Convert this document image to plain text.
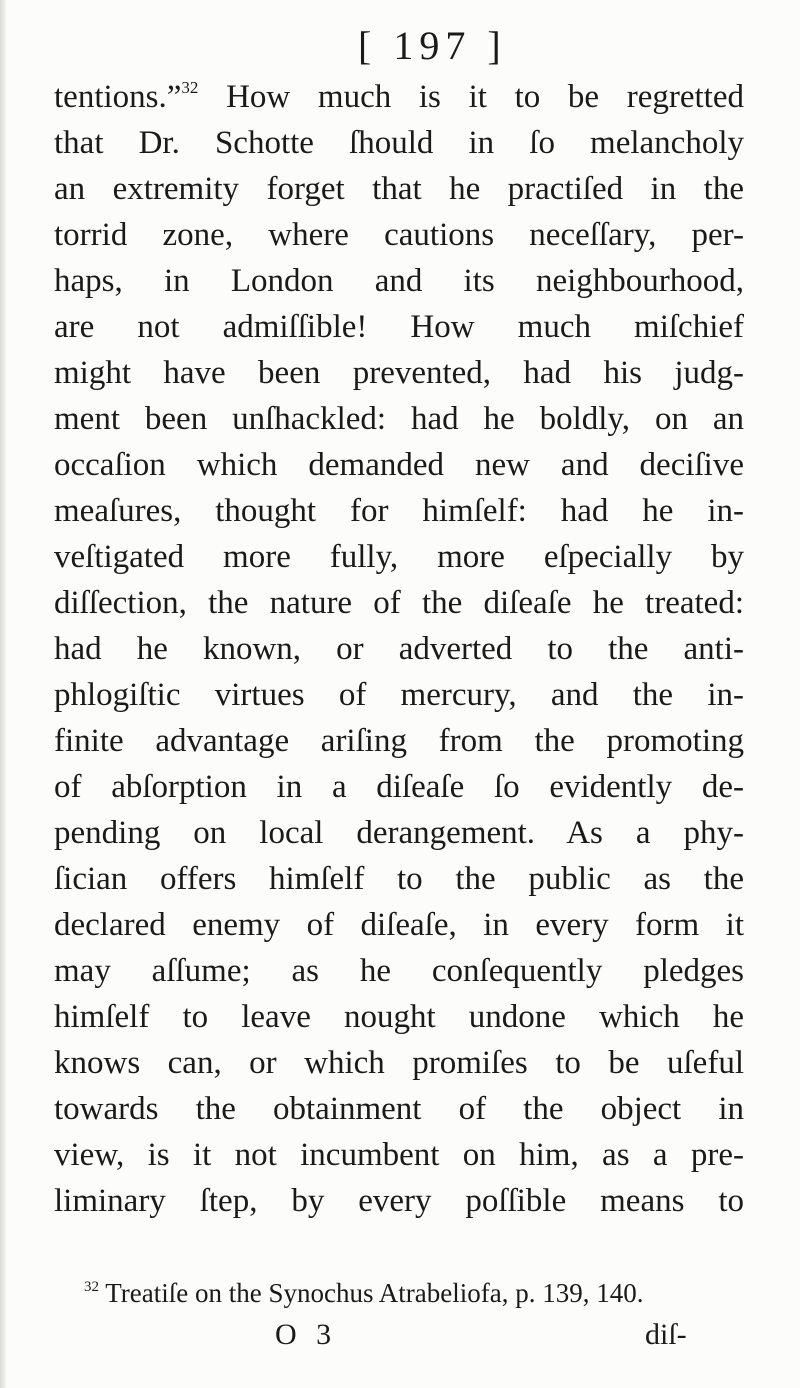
[ 197 ]
tentions.”$^{32}$ How much is it to be regretted
that Dr. Schotte ſhould in ſo melancholy
an extremity forget that he practiſed in the
torrid zone, where cautions neceſſary, per-
haps, in London and its neighbourhood,
are not admiſſible! How much miſchief
might have been prevented, had his judg-
ment been unſhackled: had he boldly, on an
occaſion which demanded new and deciſive
meaſures, thought for himſelf: had he in-
veſtigated more fully, more eſpecially by
diſſection, the nature of the diſeaſe he treated:
had he known, or adverted to the anti-
phlogiſtic virtues of mercury, and the in-
finite advantage ariſing from the promoting
of abſorption in a diſeaſe ſo evidently de-
pending on local derangement. As a phy-
ſician offers himſelf to the public as the
declared enemy of diſeaſe, in every form it
may aſſume; as he conſequently pledges
himſelf to leave nought undone which he
knows can, or which promiſes to be uſeful
towards the obtainment of the object in
view, is it not incumbent on him, as a pre-
liminary ſtep, by every poſſible means to
$^{32}$ Treatiſe on the Synochus Atrabeliofa, p. 139, 140.
O 3	diſ-
